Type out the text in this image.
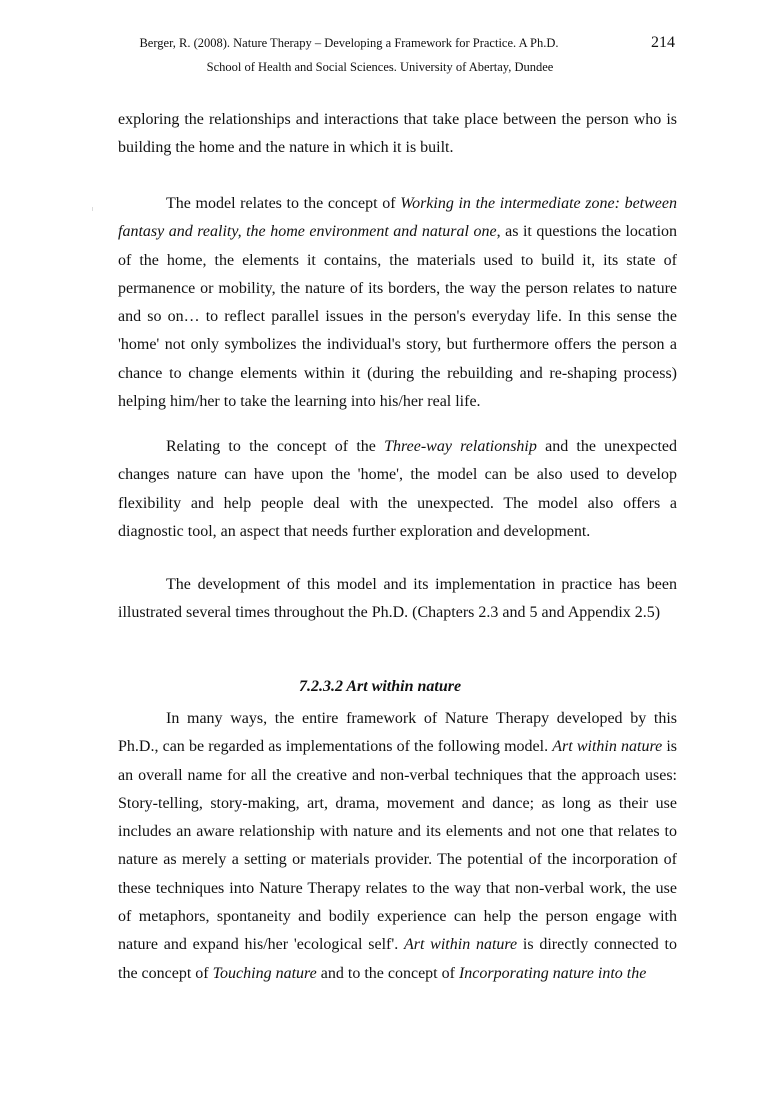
Berger, R. (2008). Nature Therapy – Developing a Framework for Practice. A Ph.D.	214
School of Health and Social Sciences. University of Abertay, Dundee

exploring the relationships and interactions that take place between the person who is building the home and the nature in which it is built.

The model relates to the concept of Working in the intermediate zone: between fantasy and reality, the home environment and natural one, as it questions the location of the home, the elements it contains, the materials used to build it, its state of permanence or mobility, the nature of its borders, the way the person relates to nature and so on… to reflect parallel issues in the person's everyday life. In this sense the 'home' not only symbolizes the individual's story, but furthermore offers the person a chance to change elements within it (during the rebuilding and re-shaping process) helping him/her to take the learning into his/her real life.

Relating to the concept of the Three-way relationship and the unexpected changes nature can have upon the 'home', the model can be also used to develop flexibility and help people deal with the unexpected. The model also offers a diagnostic tool, an aspect that needs further exploration and development.

The development of this model and its implementation in practice has been illustrated several times throughout the Ph.D. (Chapters 2.3 and 5 and Appendix 2.5)

7.2.3.2 Art within nature

In many ways, the entire framework of Nature Therapy developed by this Ph.D., can be regarded as implementations of the following model. Art within nature is an overall name for all the creative and non-verbal techniques that the approach uses: Story-telling, story-making, art, drama, movement and dance; as long as their use includes an aware relationship with nature and its elements and not one that relates to nature as merely a setting or materials provider. The potential of the incorporation of these techniques into Nature Therapy relates to the way that non-verbal work, the use of metaphors, spontaneity and bodily experience can help the person engage with nature and expand his/her 'ecological self'. Art within nature is directly connected to the concept of Touching nature and to the concept of Incorporating nature into the
